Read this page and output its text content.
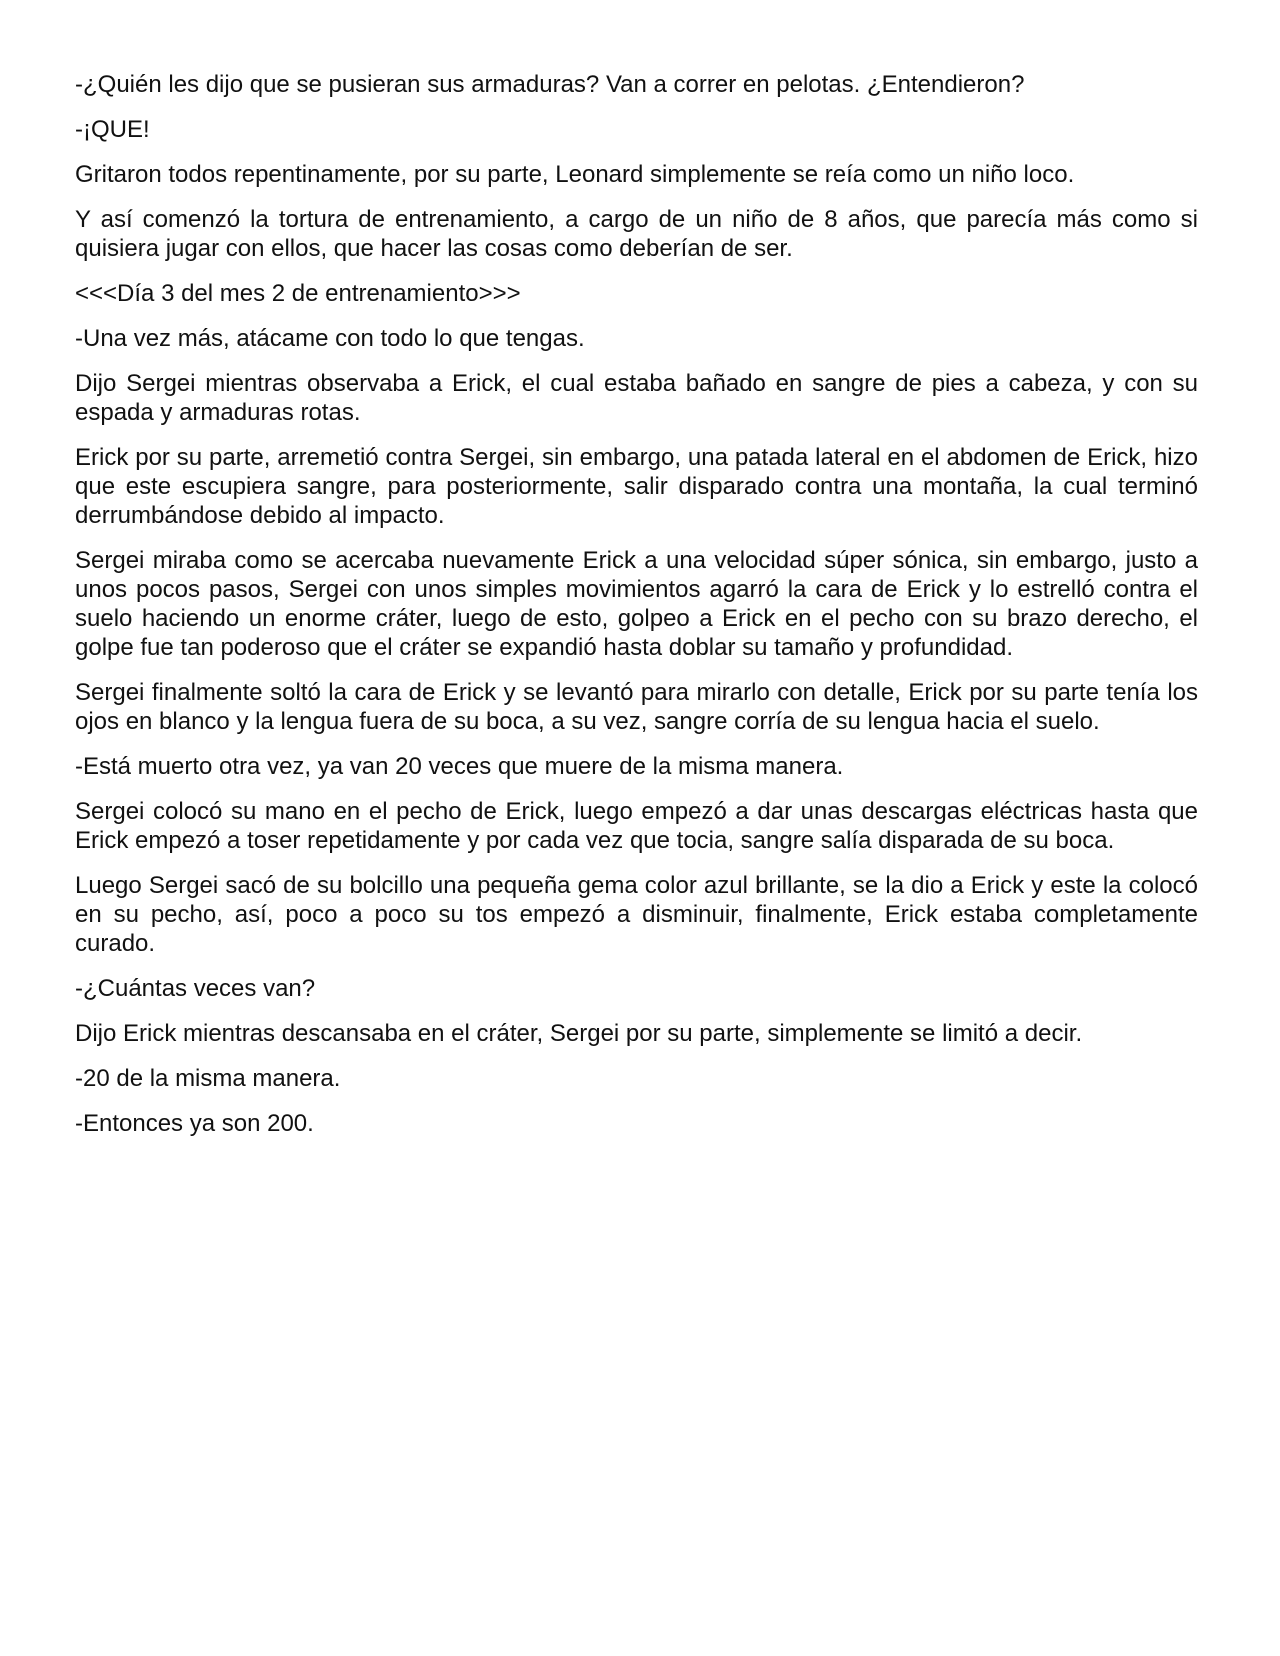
-¿Quién les dijo que se pusieran sus armaduras? Van a correr en pelotas. ¿Entendieron?

-¡QUE!

Gritaron todos repentinamente, por su parte, Leonard simplemente se reía como un niño loco.

Y así comenzó la tortura de entrenamiento, a cargo de un niño de 8 años, que parecía más como si quisiera jugar con ellos, que hacer las cosas como deberían de ser.

<<<Día 3 del mes 2 de entrenamiento>>>

-Una vez más, atácame con todo lo que tengas.

Dijo Sergei mientras observaba a Erick, el cual estaba bañado en sangre de pies a cabeza, y con su espada y armaduras rotas.

Erick por su parte, arremetió contra Sergei, sin embargo, una patada lateral en el abdomen de Erick, hizo que este escupiera sangre, para posteriormente, salir disparado contra una montaña, la cual terminó derrumbándose debido al impacto.

Sergei miraba como se acercaba nuevamente Erick a una velocidad súper sónica, sin embargo, justo a unos pocos pasos, Sergei con unos simples movimientos agarró la cara de Erick y lo estrelló contra el suelo haciendo un enorme cráter, luego de esto, golpeo a Erick en el pecho con su brazo derecho, el golpe fue tan poderoso que el cráter se expandió hasta doblar su tamaño y profundidad.

Sergei finalmente soltó la cara de Erick y se levantó para mirarlo con detalle, Erick por su parte tenía los ojos en blanco y la lengua fuera de su boca, a su vez, sangre corría de su lengua hacia el suelo.

-Está muerto otra vez, ya van 20 veces que muere de la misma manera.

Sergei colocó su mano en el pecho de Erick, luego empezó a dar unas descargas eléctricas hasta que Erick empezó a toser repetidamente y por cada vez que tocia, sangre salía disparada de su boca.

Luego Sergei sacó de su bolcillo una pequeña gema color azul brillante, se la dio a Erick y este la colocó en su pecho, así, poco a poco su tos empezó a disminuir, finalmente, Erick estaba completamente curado.

-¿Cuántas veces van?

Dijo Erick mientras descansaba en el cráter, Sergei por su parte, simplemente se limitó a decir.

-20 de la misma manera.

-Entonces ya son 200.
